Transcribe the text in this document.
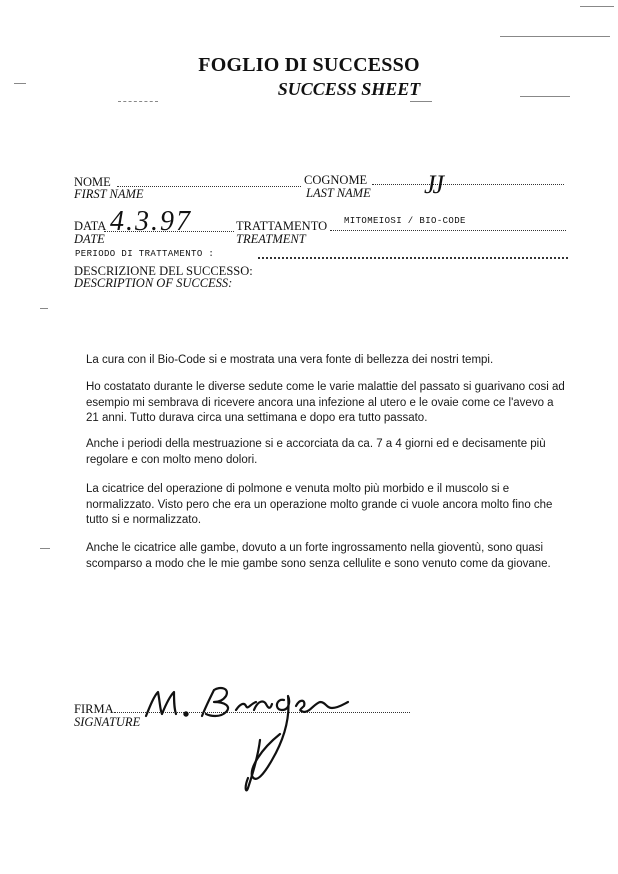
FOGLIO DI SUCCESSO
SUCCESS SHEET
NOME
FIRST NAME
COGNOME
LAST NAME JJ
DATA
DATE
4.3.97	TRATTAMENTO
TREATMENT
MITOMEIOSI / BIO-CODE
PERIODO DI TRATTAMENTO :
DESCRIZIONE DEL SUCCESSO:
DESCRIPTION OF SUCCESS:
La cura con il Bio-Code si e mostrata una vera fonte di bellezza dei nostri tempi.
Ho costatato durante le diverse sedute come le varie malattie del passato si guarivano cosi ad esempio mi sembrava di ricevere ancora una infezione al utero e le ovaie come ce l'avevo a 21 anni. Tutto durava circa una settimana e dopo era tutto passato.
Anche i periodi della mestruazione si e accorciata da ca. 7 a 4 giorni ed e decisamente più regolare e con molto meno dolori.
La cicatrice del operazione di polmone e venuta molto più morbido e il muscolo si e normalizzato. Visto pero che era un operazione molto grande ci vuole ancora molto fino che tutto si e normalizzato.
Anche le cicatrice alle gambe, dovuto a un forte ingrossamento nella gioventù, sono quasi scomparso a modo che le mie gambe sono senza cellulite e sono venuto come da giovane.
FIRMA
SIGNATURE
